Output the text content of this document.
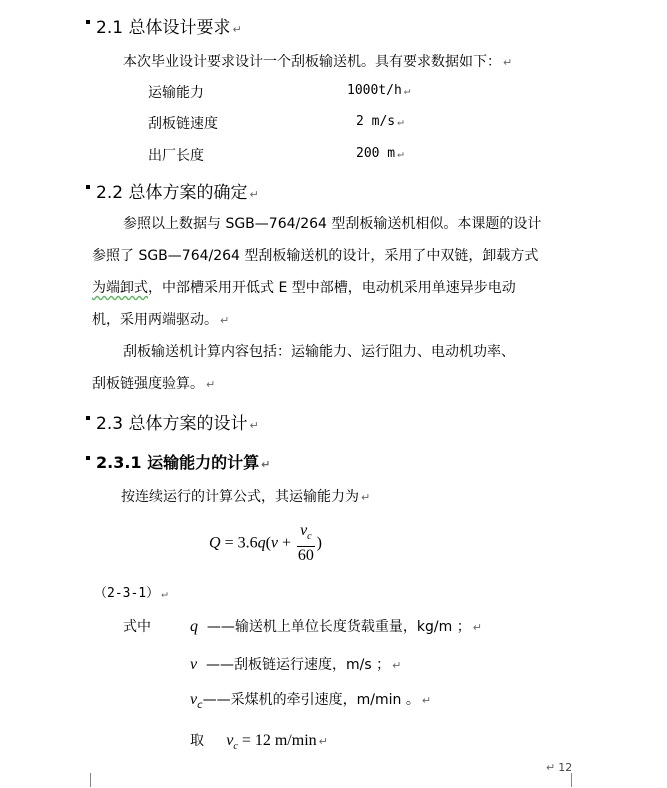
2.1 总体设计要求 ↵
本次毕业设计要求设计一个刮板输送机。具有要求数据如下： ↵
运输能力	1000t/h ↵
刮板链速度	2 m/s ↵
出厂长度	200 m ↵
2.2 总体方案的确定 ↵
参照以上数据与 SGB—764/264 型刮板输送机相似。本课题的设计
参照了 SGB—764/264 型刮板输送机的设计，采用了中双链，卸载方式
为端卸式，中部槽采用开低式 E 型中部槽，电动机采用单速异步电动
机，采用两端驱动。 ↵
刮板输送机计算内容包括：运输能力、运行阻力、电动机功率、
刮板链强度验算。 ↵
2.3 总体方案的设计 ↵
2.3.1 运输能力的计算 ↵
按连续运行的计算公式，其运输能力为 ↵
$Q = 3.6q(v + \frac{v_c}{60}$ )
（2-3-1） ↵
式中 q ——输送机上单位长度货载重量，kg/m ； ↵
v ——刮板链运行速度，m/s ； ↵
$v_c——$采煤机的牵引速度，m/min 。 ↵
取 $v_c = 12$ m/min ↵
↵ 12
